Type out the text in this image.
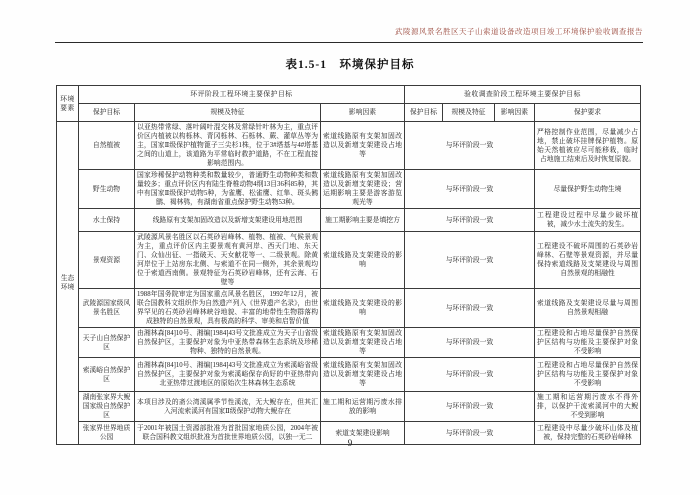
武陵源风景名胜区天子山索道设备改造项目竣工环境保护验收调查报告
表1.5-1　环境保护目标
环境要素	环评阶段工程环境主要保护目标			验收调查阶段工程环境主要保护目标			
	保护目标	规模及特征	影响因素	保护目标	规模及特征	影响因素	保护要求
生态环境	自然植被	以亚热带常绿、落叶阔叶混交林及常绿针叶林为主，重点评价区内植被以构栎林、青冈栎林、石栎林、蕨、灌草丛等为主，国家Ⅱ级保护植物篦子三尖杉1株，位于3#塔基与4#塔基之间的山道上，该道路为平常临时救护道路，不在工程直接影响范围内。	索道线路原有支架加固改造以及新增支架建设占地等	与环评阶段一致			严格控制作业范围，尽量减少占地，禁止破坏挂牌保护植物。原始天然植被应尽可能移栽，临时占地施工结束后及时恢复原貌。
	野生动物	国家珍稀保护动物种类和数量较少，普通野生动物种类和数量较多；重点评价区内有陆生脊椎动物4纲13目36科85种，其中有国家Ⅱ级保护动物5种，为雀鹰、松雀鹰、红隼、斑头鸺鹠、褐林鸮，有湖南省重点保护野生动物53种。	索道线路原有支架加固改造以及新增支架建设；营运期影响主要是游客游览观光等	与环评阶段一致			尽量保护野生动物生境
	水土保持	线路原有支架加固改造以及新增支架建设用地范围	施工期影响主要是填挖方	与环评阶段一致			工程建设过程中尽量少破坏植被，减少水土流失的发生。
	景观资源	武陵源风景名胜区以石英砂岩峰林、植物、植被、气候景观为主，重点评价区内主要景观有黄河岸、西天门地、东天门、众仙出征、一指破天、天女献花等一、二级景观。除黄河岸位于上站房东北侧、与索道不在同一侧外，其余景观均位于索道西南侧。景观特征为石英砂岩峰林，还有云海、石壁等	索道线路及支架建设的影响	与环评阶段一致			工程建设不破坏周围的石英砂岩峰林、石壁等景观资源，并尽量保持索道线路及支架建设与周围自然景观的相融性
	武陵源国家级风景名胜区	1988年国务院审定为国家重点风景名胜区，1992年12月，被联合国教科文组织作为自然遗产列入《世界遗产名录》，由世界罕见的石英砂岩峰林峡谷地貌、丰富的地带性生物群落构成独特的自然景观，具有极高的科学、审美和启智价值	索道线路及支架建设的影响	与环评阶段一致			索道线路及支架建设尽量与周围自然景观相融
	天子山自然保护区	由湘林森[84]10号、湘编[1984]43号文批准成立为天子山省级自然保护区，主要保护对象为中亚热带森林生态系统及珍稀物种、独特的自然景观。	索道线路原有支架加固改造以及新增支架建设占地等	与环评阶段一致			工程建设和占地尽量保护自然保护区结构与功能及主要保护对象不受影响
	索溪峪自然保护区	由湘林森[84]10号、湘编[1984]43号文批准成立为索溪峪省级自然保护区，主要保护对象为索溪峪保存尚好的中亚热带向北亚热带过渡地区的原始次生林森林生态系统	索道线路原有支架加固改造以及新增支架建设占地等	与环评阶段一致			工程建设和占地尽量保护自然保护区结构与功能及主要保护对象不受影响
	湖南张家界大鲵国家级自然保护区	本项目涉及的斋公湾溪属季节性溪流，无大鲵存在，但其汇入河流索溪河有国家Ⅱ级保护动物大鲵存在	施工期和运营期污废水排放的影响	与环评阶段一致			施工期和运营期污废水不得外排，以保护干流索溪河中的大鲵不受到影响
	张家界世界地质公园	于2001年被国土资源部批准为首批国家地质公园，2004年被联合国科教文组织批准为首批世界地质公园，以独一无二	索道支架建设影响	与环评阶段一致			工程建设中尽量少破坏山体及植被，保持完整的石英砂岩峰林
9
